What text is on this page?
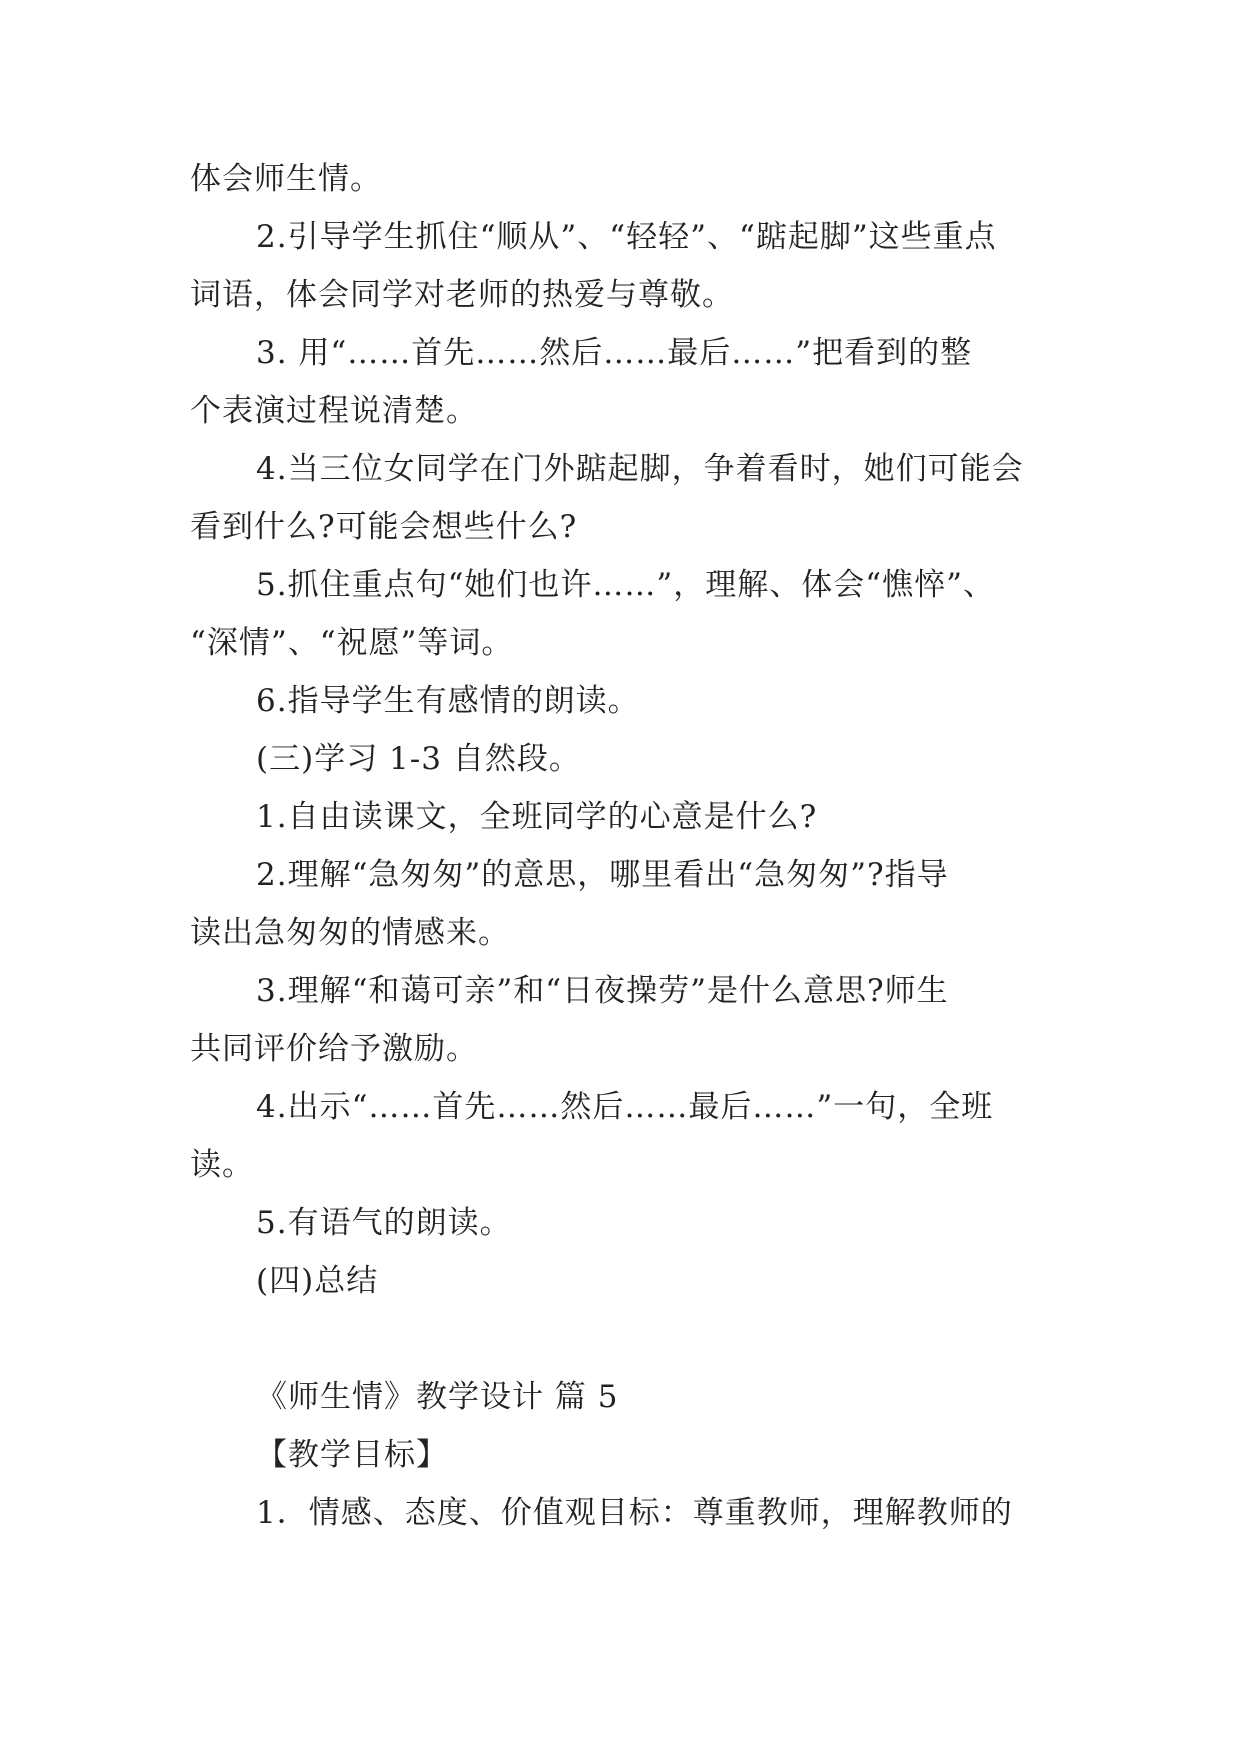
体会师生情。
2.引导学生抓住“顺从”、“轻轻”、“踮起脚”这些重点
词语，体会同学对老师的热爱与尊敬。
3. 用“……首先……然后……最后……”把看到的整
个表演过程说清楚。
4.当三位女同学在门外踮起脚，争着看时，她们可能会
看到什么?可能会想些什么?
5.抓住重点句“她们也许……”，理解、体会“憔悴”、
“深情”、“祝愿”等词。
6.指导学生有感情的朗读。
(三)学习 1-3 自然段。
1.自由读课文，全班同学的心意是什么?
2.理解“急匆匆”的意思，哪里看出“急匆匆”?指导
读出急匆匆的情感来。
3.理解“和蔼可亲”和“日夜操劳”是什么意思?师生
共同评价给予激励。
4.出示“……首先……然后……最后……”一句，全班
读。
5.有语气的朗读。
(四)总结
《师生情》教学设计 篇 5
【教学目标】
1．情感、态度、价值观目标：尊重教师，理解教师的
